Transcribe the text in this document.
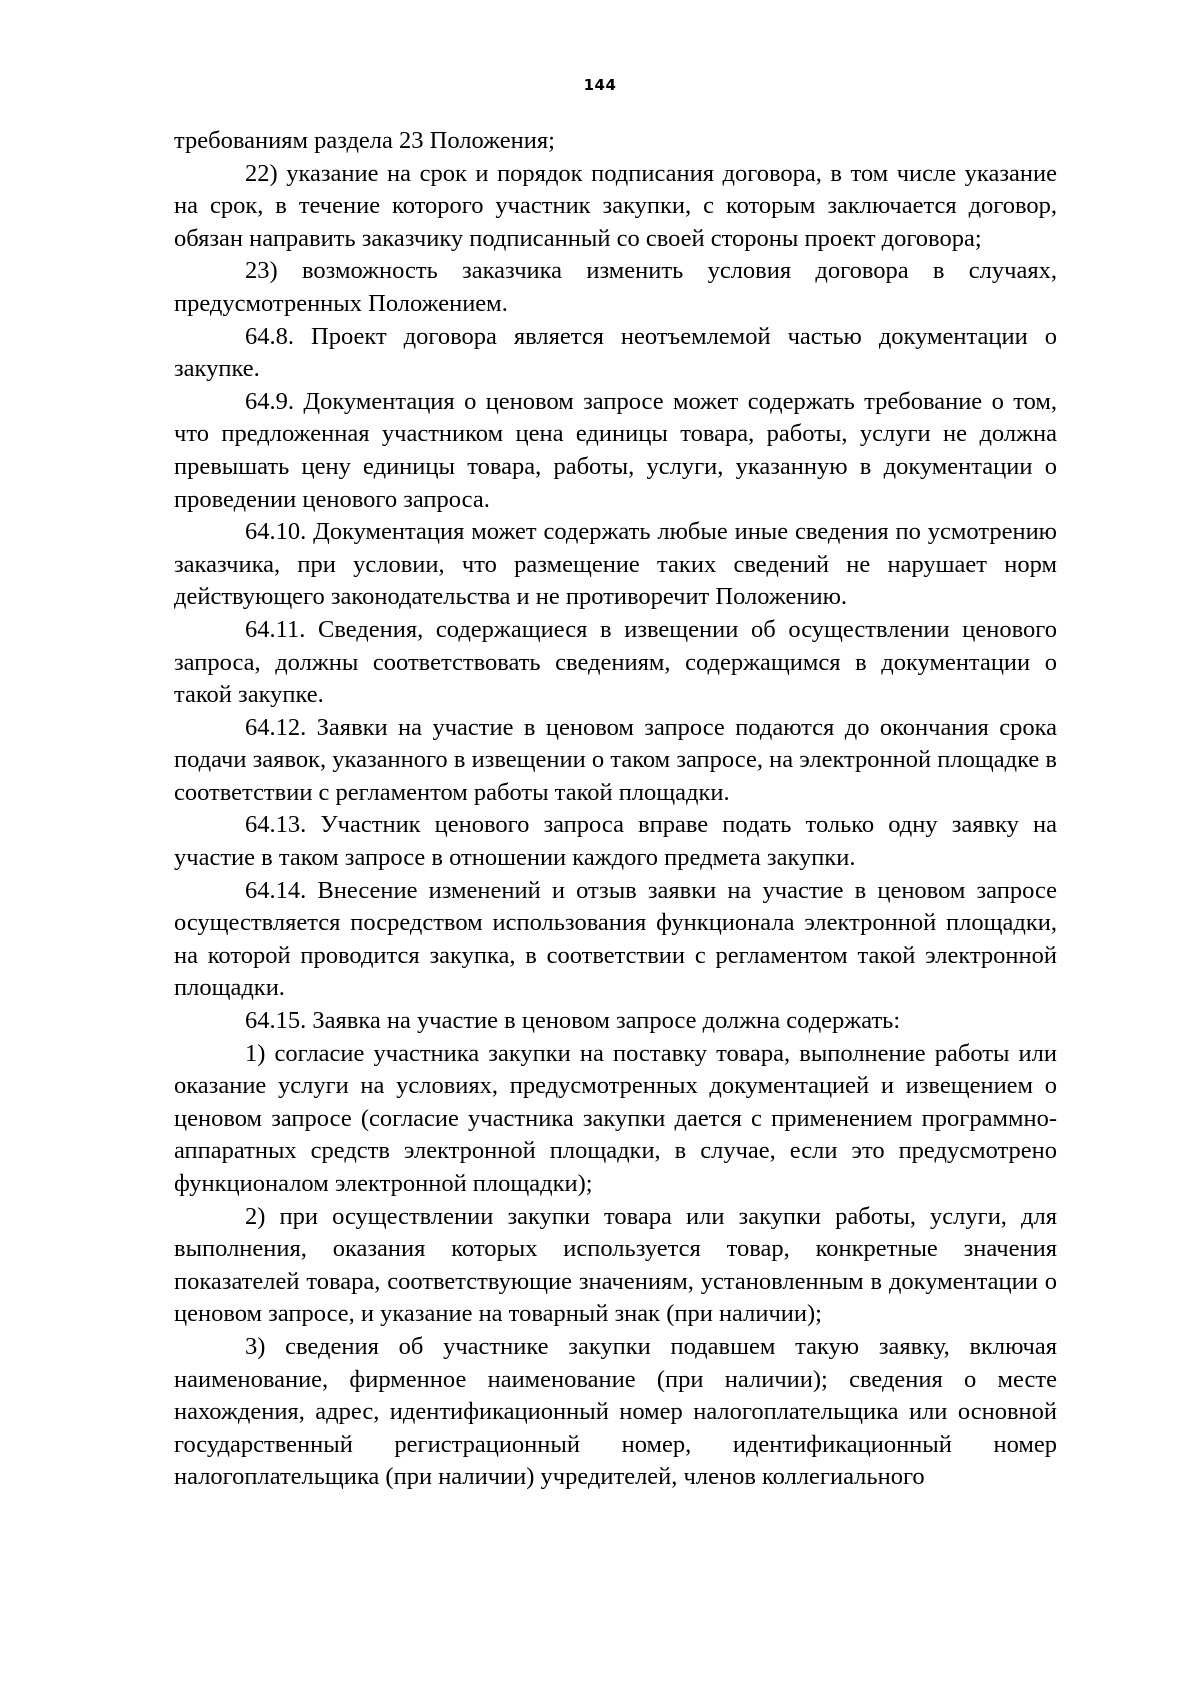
144

требованиям раздела 23 Положения;

22) указание на срок и порядок подписания договора, в том числе указание на срок, в течение которого участник закупки, с которым заключается договор, обязан направить заказчику подписанный со своей стороны проект договора;

23) возможность заказчика изменить условия договора в случаях, предусмотренных Положением.

64.8. Проект договора является неотъемлемой частью документации о закупке.

64.9. Документация о ценовом запросе может содержать требование о том, что предложенная участником цена единицы товара, работы, услуги не должна превышать цену единицы товара, работы, услуги, указанную в документации о проведении ценового запроса.

64.10. Документация может содержать любые иные сведения по усмотрению заказчика, при условии, что размещение таких сведений не нарушает норм действующего законодательства и не противоречит Положению.

64.11. Сведения, содержащиеся в извещении об осуществлении ценового запроса, должны соответствовать сведениям, содержащимся в документации о такой закупке.

64.12. Заявки на участие в ценовом запросе подаются до окончания срока подачи заявок, указанного в извещении о таком запросе, на электронной площадке в соответствии с регламентом работы такой площадки.

64.13. Участник ценового запроса вправе подать только одну заявку на участие в таком запросе в отношении каждого предмета закупки.

64.14. Внесение изменений и отзыв заявки на участие в ценовом запросе осуществляется посредством использования функционала электронной площадки, на которой проводится закупка, в соответствии с регламентом такой электронной площадки.

64.15. Заявка на участие в ценовом запросе должна содержать:

1) согласие участника закупки на поставку товара, выполнение работы или оказание услуги на условиях, предусмотренных документацией и извещением о ценовом запросе (согласие участника закупки дается с применением программно-аппаратных средств электронной площадки, в случае, если это предусмотрено функционалом электронной площадки);

2) при осуществлении закупки товара или закупки работы, услуги, для выполнения, оказания которых используется товар, конкретные значения показателей товара, соответствующие значениям, установленным в документации о ценовом запросе, и указание на товарный знак (при наличии);

3) сведения об участнике закупки подавшем такую заявку, включая наименование, фирменное наименование (при наличии); сведения о месте нахождения, адрес, идентификационный номер налогоплательщика или основной государственный регистрационный номер, идентификационный номер налогоплательщика (при наличии) учредителей, членов коллегиального
